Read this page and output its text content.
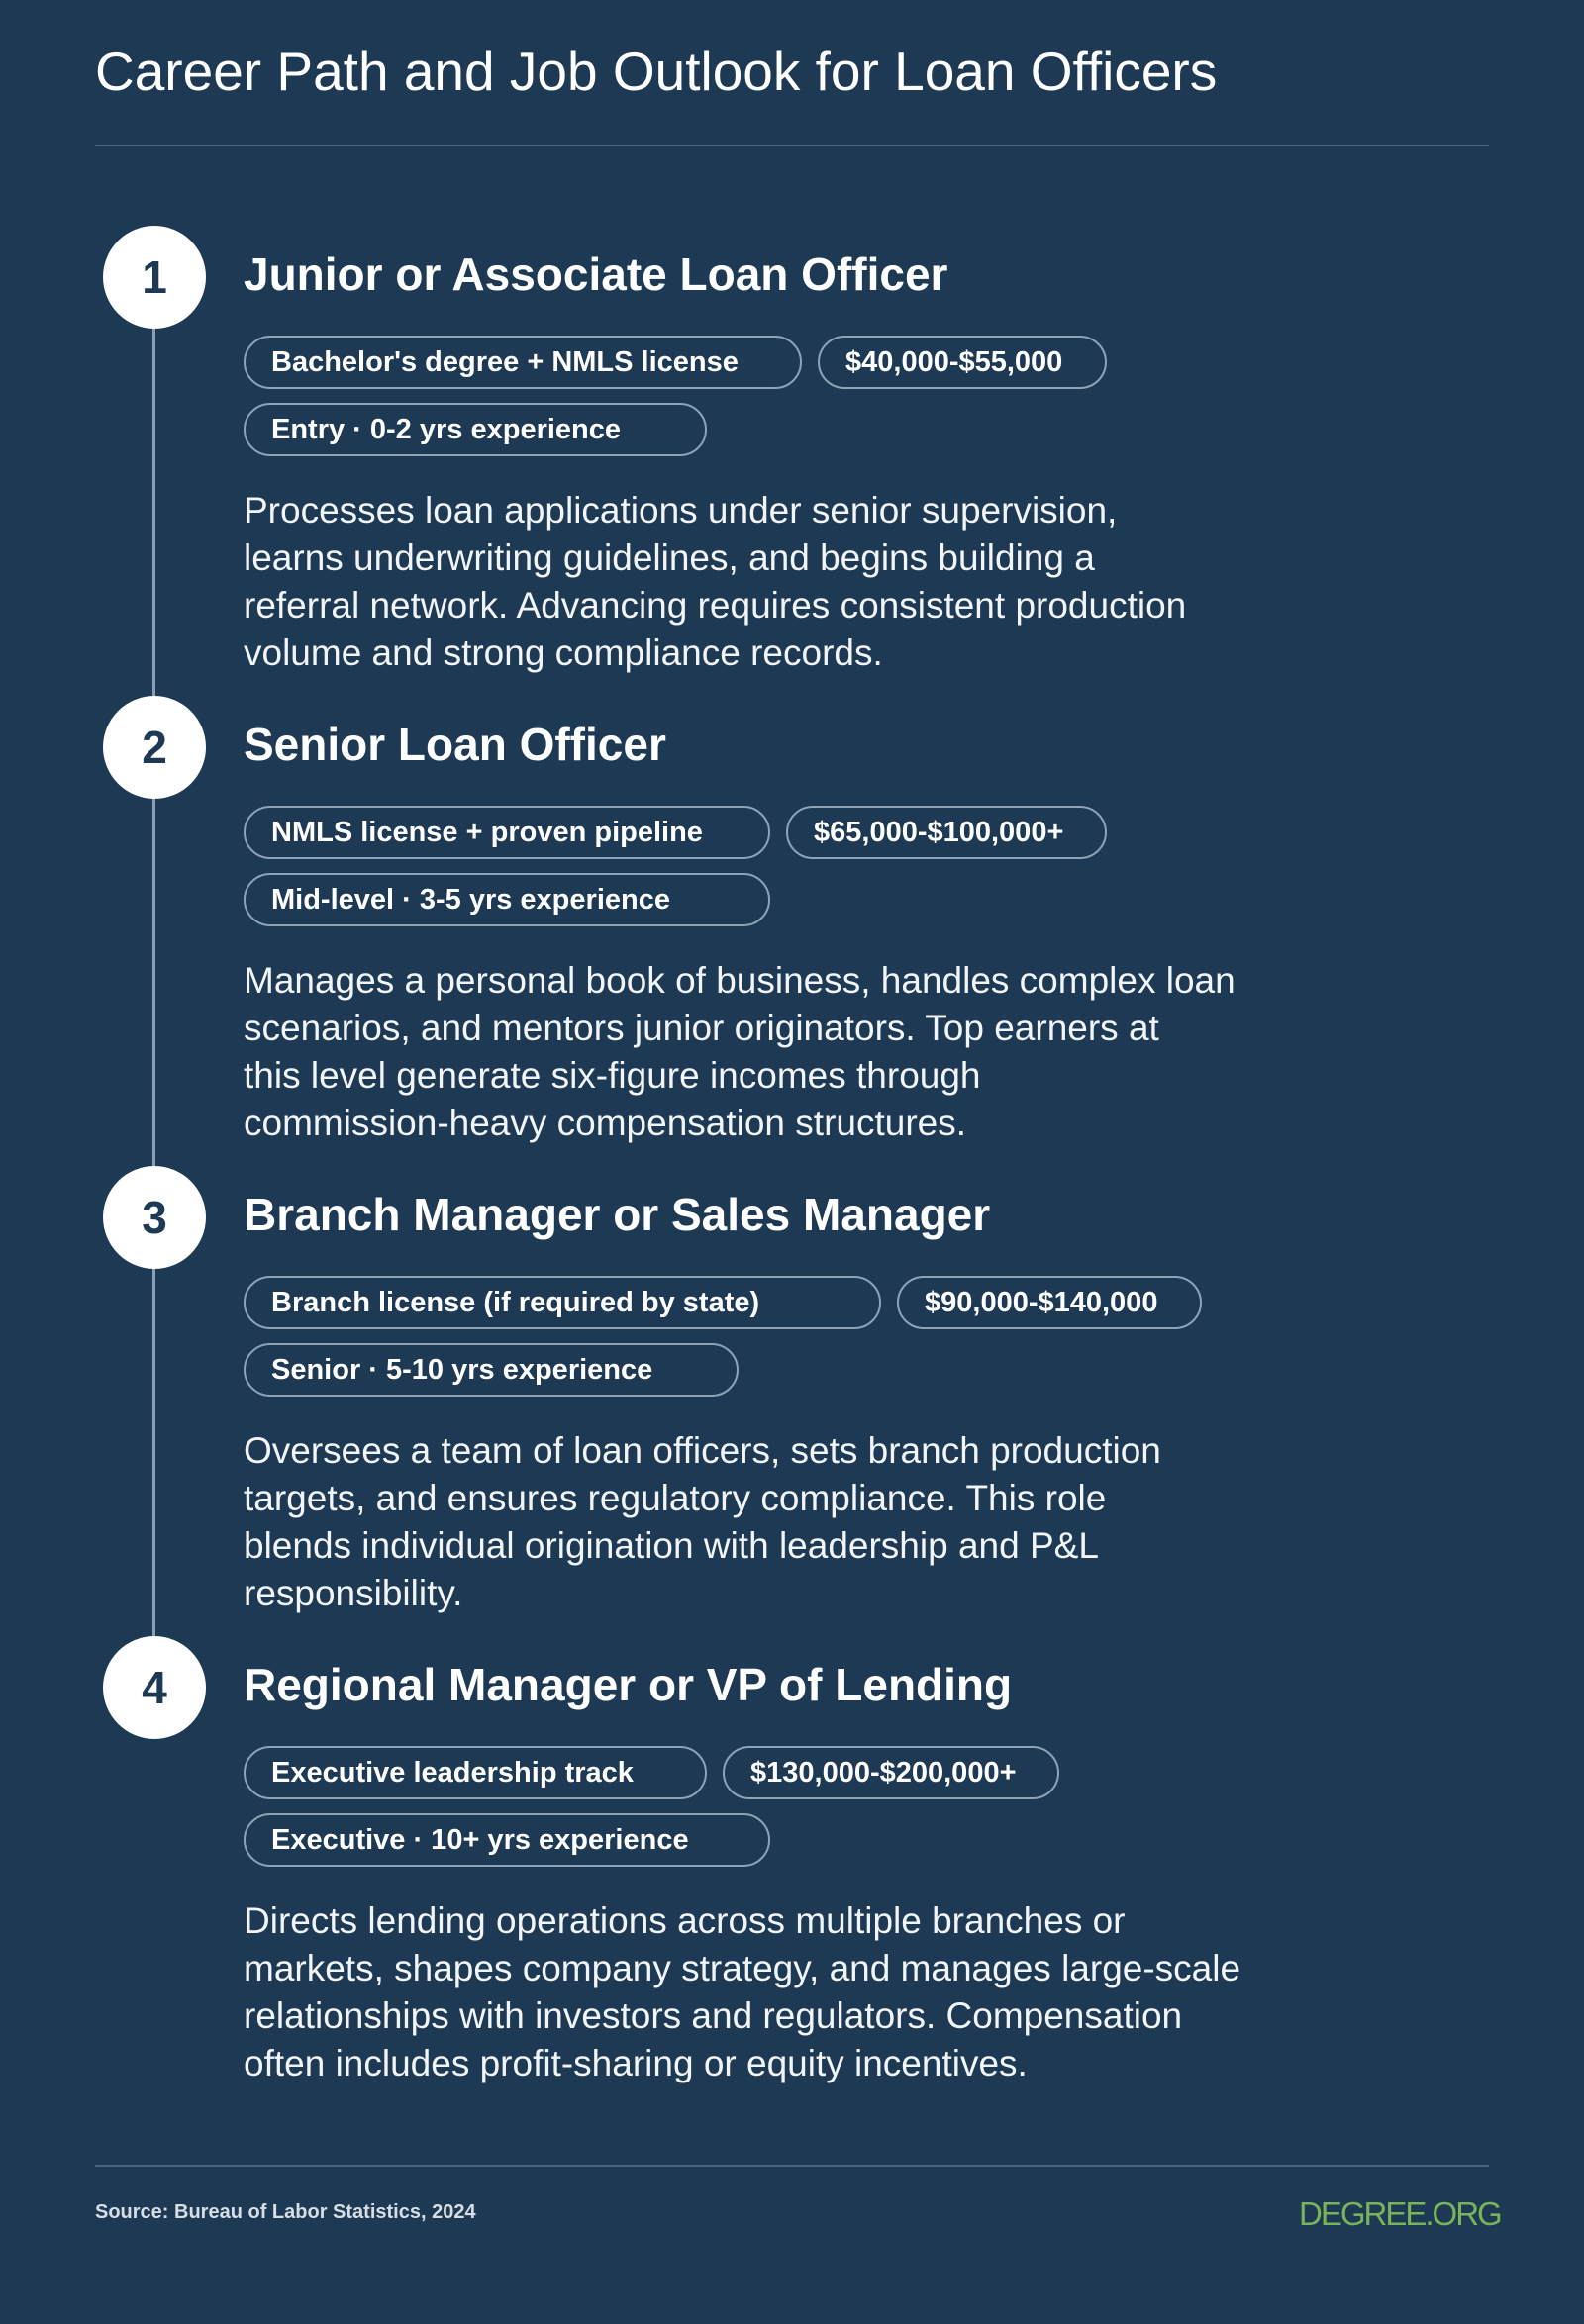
Career Path and Job Outlook for Loan Officers
1	Junior or Associate Loan Officer
Bachelor's degree + NMLS license	$40,000-$55,000
Entry · 0-2 yrs experience
Processes loan applications under senior supervision,
learns underwriting guidelines, and begins building a
referral network. Advancing requires consistent production
volume and strong compliance records.
2	Senior Loan Officer
NMLS license + proven pipeline	$65,000-$100,000+
Mid-level · 3-5 yrs experience
Manages a personal book of business, handles complex loan
scenarios, and mentors junior originators. Top earners at
this level generate six-figure incomes through
commission-heavy compensation structures.
3	Branch Manager or Sales Manager
Branch license (if required by state)	$90,000-$140,000
Senior · 5-10 yrs experience
Oversees a team of loan officers, sets branch production
targets, and ensures regulatory compliance. This role
blends individual origination with leadership and P&L
responsibility.
4	Regional Manager or VP of Lending
Executive leadership track	$130,000-$200,000+
Executive · 10+ yrs experience
Directs lending operations across multiple branches or
markets, shapes company strategy, and manages large-scale
relationships with investors and regulators. Compensation
often includes profit-sharing or equity incentives.
Source: Bureau of Labor Statistics, 2024	DEGREE.ORG
